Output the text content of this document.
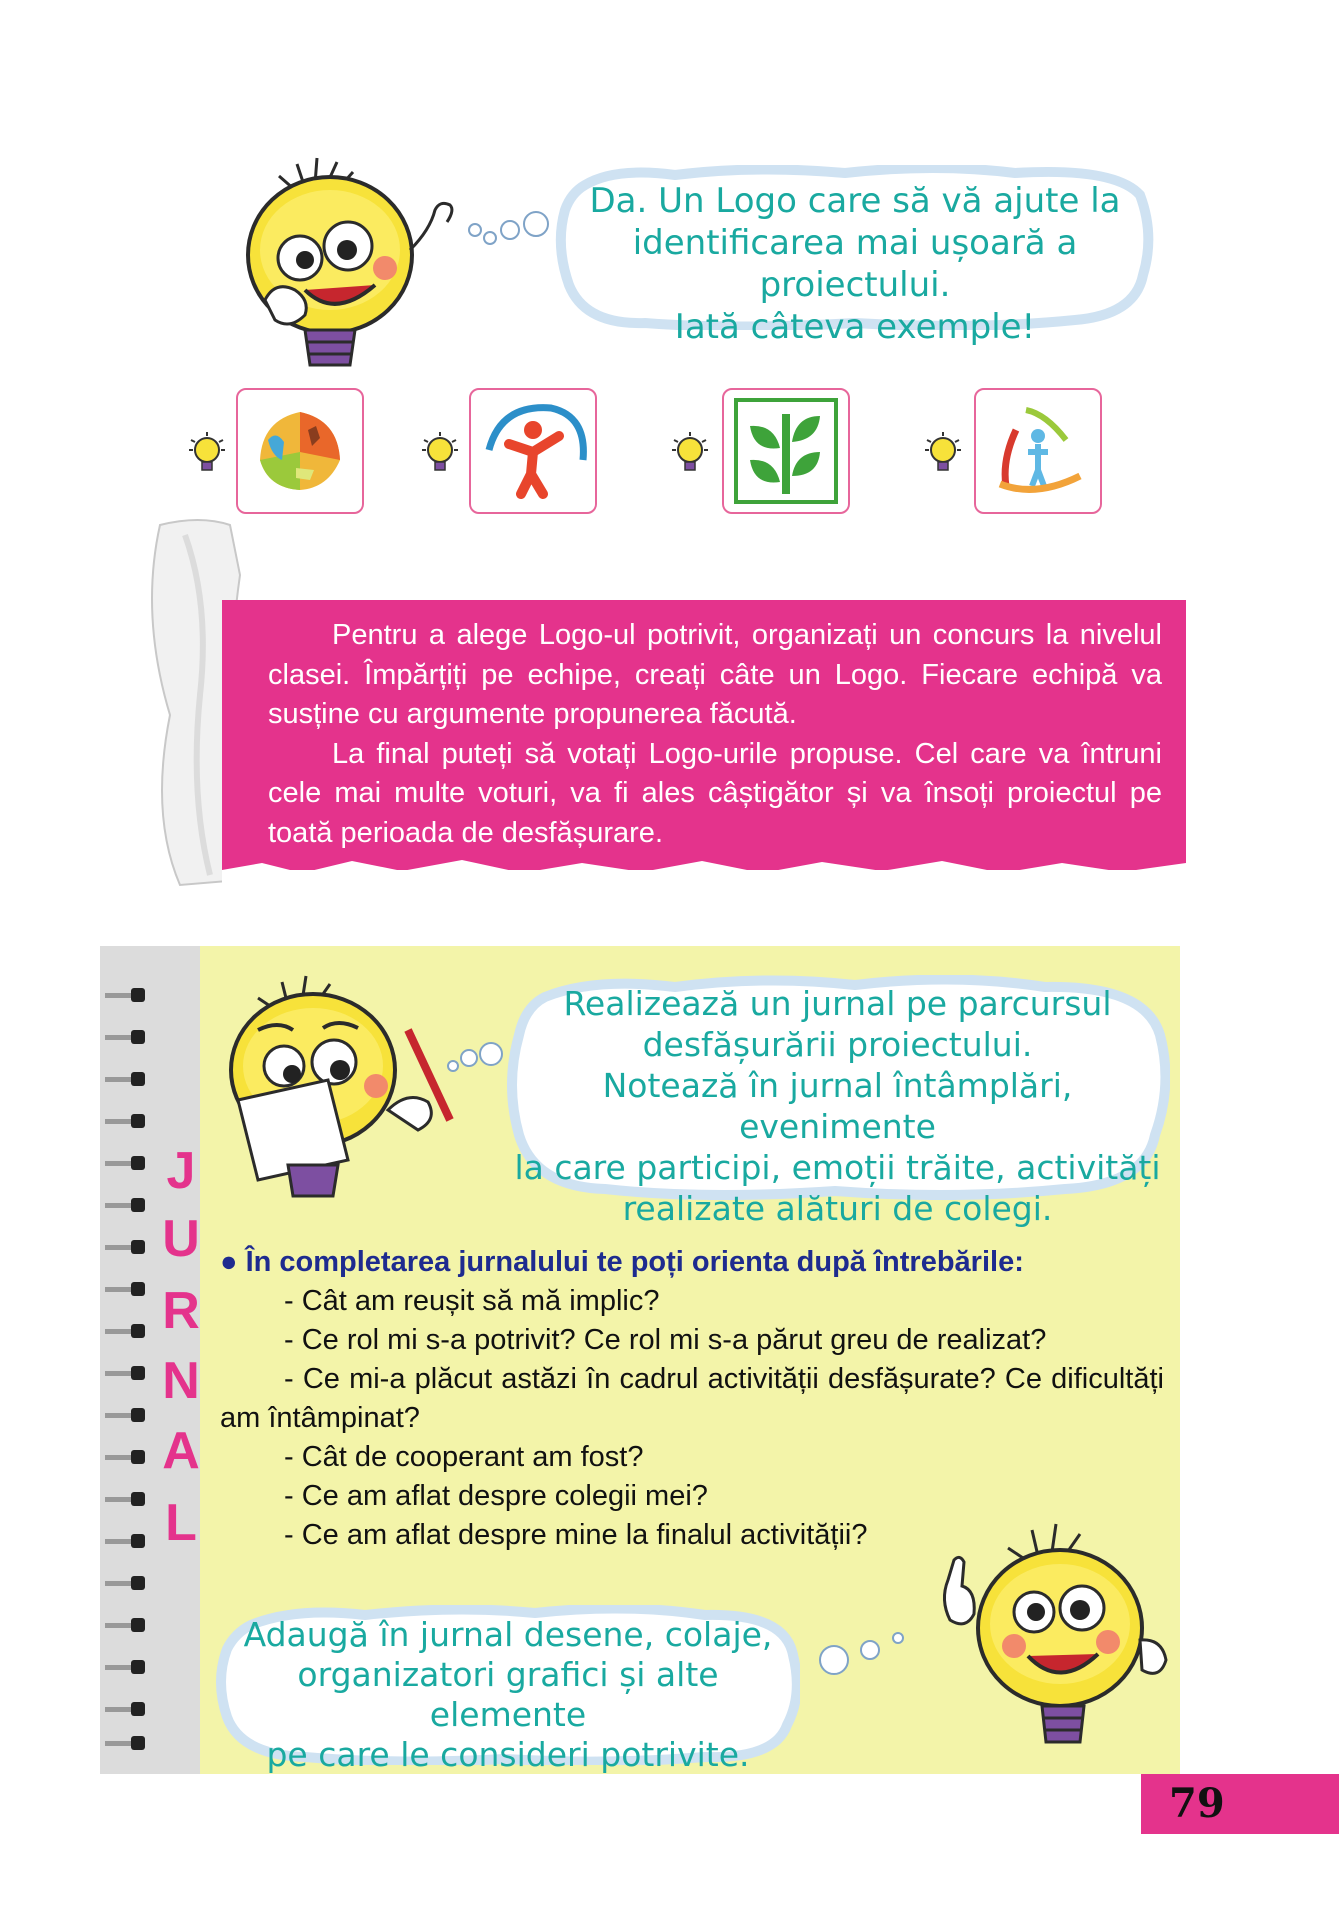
Da. Un Logo care să vă ajute la
identificarea mai ușoară a proiectului.
Iată câteva exemple!

Pentru a alege Logo-ul potrivit, organizați un concurs la nivelul clasei. Împărțiți pe echipe, creați câte un Logo. Fiecare echipă va susține cu argumente propunerea făcută.

La final puteți să votați Logo-urile propuse. Cel care va întruni cele mai multe voturi, va fi ales câștigător și va însoți proiectul pe toată perioada de desfășurare.

J
U
R
N
A
L
Realizează un jurnal pe parcursul
desfășurării proiectului.
Notează în jurnal întâmplări, evenimente
la care participi, emoții trăite, activități
realizate alături de colegi.
● În completarea jurnalului te poți orienta după întrebările:
- Cât am reușit să mă implic?
- Ce rol mi s-a potrivit? Ce rol mi s-a părut greu de realizat?
- Ce mi-a plăcut astăzi în cadrul activității desfășurate? Ce dificultăți am întâmpinat?
- Cât de cooperant am fost?
- Ce am aflat despre colegii mei?
- Ce am aflat despre mine la finalul activității?
Adaugă în jurnal desene, colaje,
organizatori grafici și alte elemente
pe care le consideri potrivite.
79
